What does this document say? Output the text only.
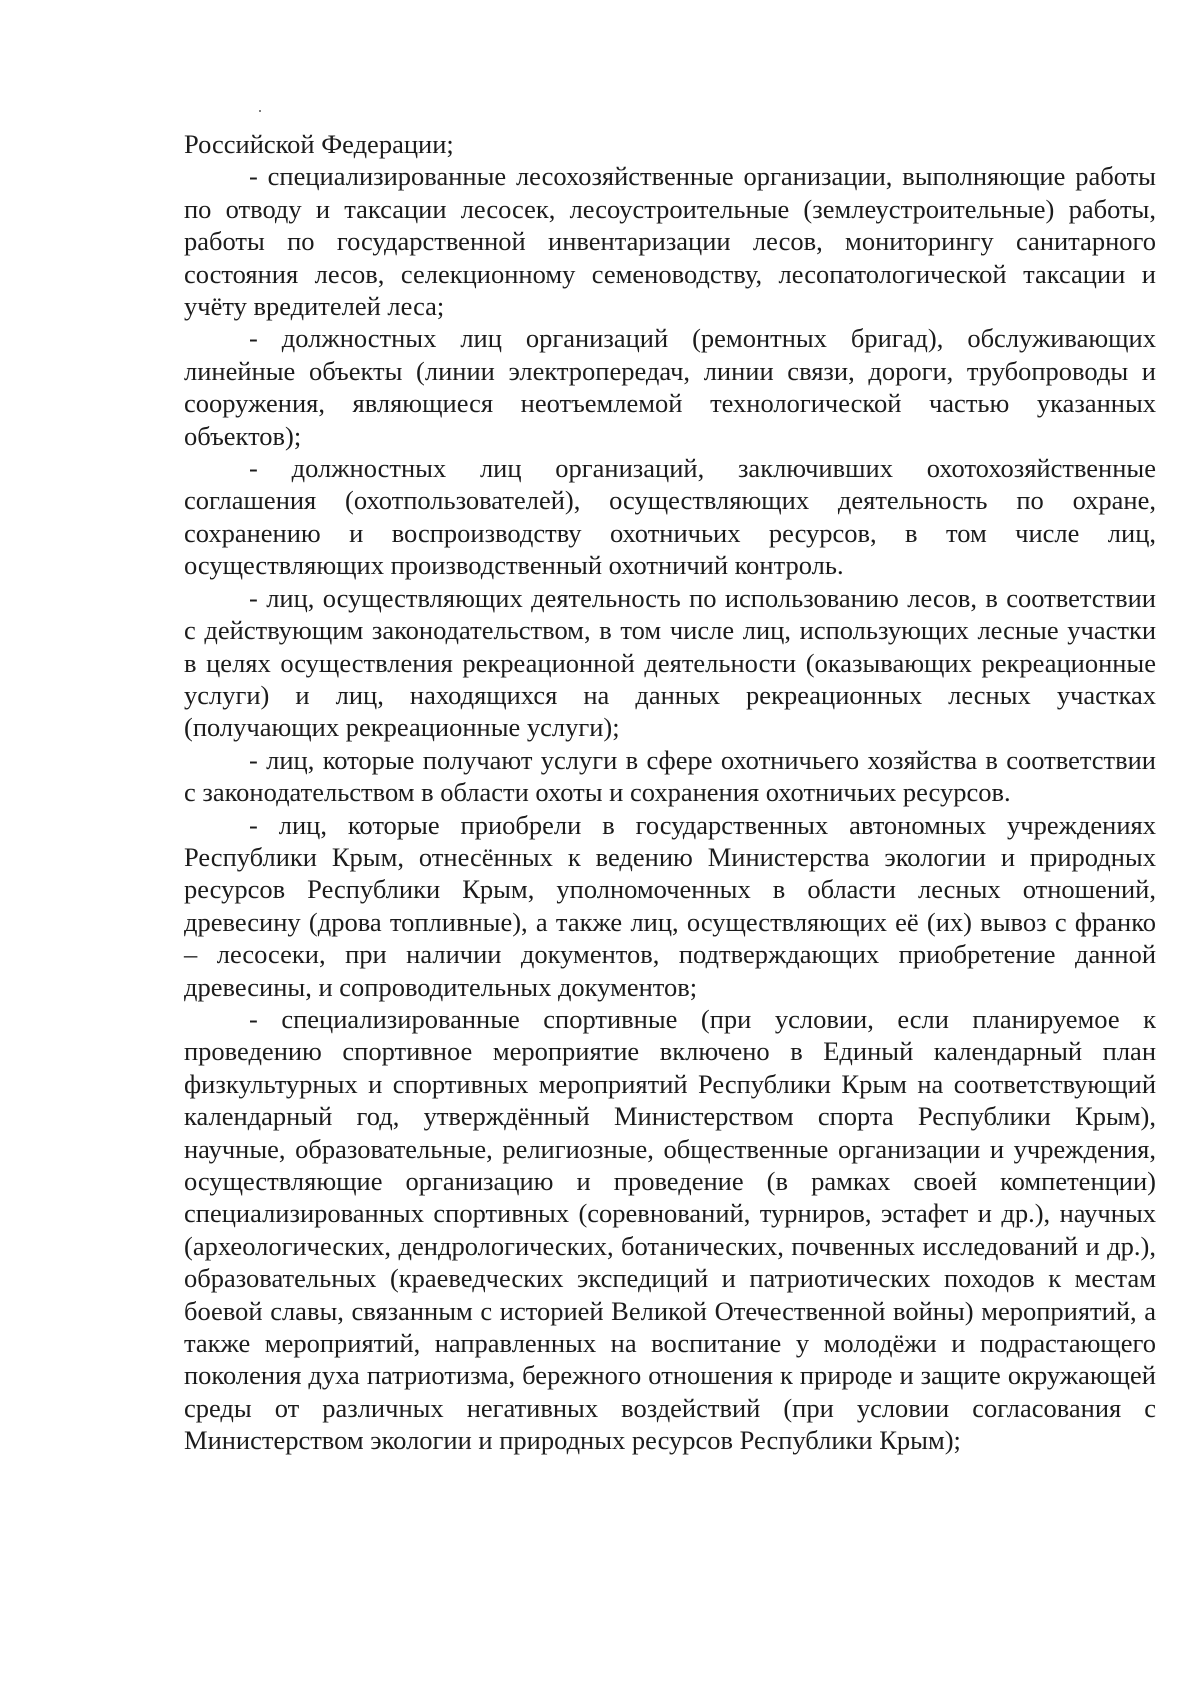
Российской Федерации;

- специализированные лесохозяйственные организации, выполняющие работы по отводу и таксации лесосек, лесоустроительные (землеустроительные) работы, работы по государственной инвентаризации лесов, мониторингу санитарного состояния лесов, селекционному семеноводству, лесопатологической таксации и учёту вредителей леса;

- должностных лиц организаций (ремонтных бригад), обслуживающих линейные объекты (линии электропередач, линии связи, дороги, трубопроводы и сооружения, являющиеся неотъемлемой технологической частью указанных объектов);

- должностных лиц организаций, заключивших охотохозяйственные соглашения (охотпользователей), осуществляющих деятельность по охране, сохранению и воспроизводству охотничьих ресурсов, в том числе лиц, осуществляющих производственный охотничий контроль.

- лиц, осуществляющих деятельность по использованию лесов, в соответствии с действующим законодательством, в том числе лиц, использующих лесные участки в целях осуществления рекреационной деятельности (оказывающих рекреационные услуги) и лиц, находящихся на данных рекреационных лесных участках (получающих рекреационные услуги);

- лиц, которые получают услуги в сфере охотничьего хозяйства в соответствии с законодательством в области охоты и сохранения охотничьих ресурсов.

- лиц, которые приобрели в государственных автономных учреждениях Республики Крым, отнесённых к ведению Министерства экологии и природных ресурсов Республики Крым, уполномоченных в области лесных отношений, древесину (дрова топливные), а также лиц, осуществляющих её (их) вывоз с франко – лесосеки, при наличии документов, подтверждающих приобретение данной древесины, и сопроводительных документов;

- специализированные спортивные (при условии, если планируемое к проведению спортивное мероприятие включено в Единый календарный план физкультурных и спортивных мероприятий Республики Крым на соответствующий календарный год, утверждённый Министерством спорта Республики Крым), научные, образовательные, религиозные, общественные организации и учреждения, осуществляющие организацию и проведение (в рамках своей компетенции) специализированных спортивных (соревнований, турниров, эстафет и др.), научных (археологических, дендрологических, ботанических, почвенных исследований и др.), образовательных (краеведческих экспедиций и патриотических походов к местам боевой славы, связанным с историей Великой Отечественной войны) мероприятий, а также мероприятий, направленных на воспитание у молодёжи и подрастающего поколения духа патриотизма, бережного отношения к природе и защите окружающей среды от различных негативных воздействий (при условии согласования с Министерством экологии и природных ресурсов Республики Крым);
